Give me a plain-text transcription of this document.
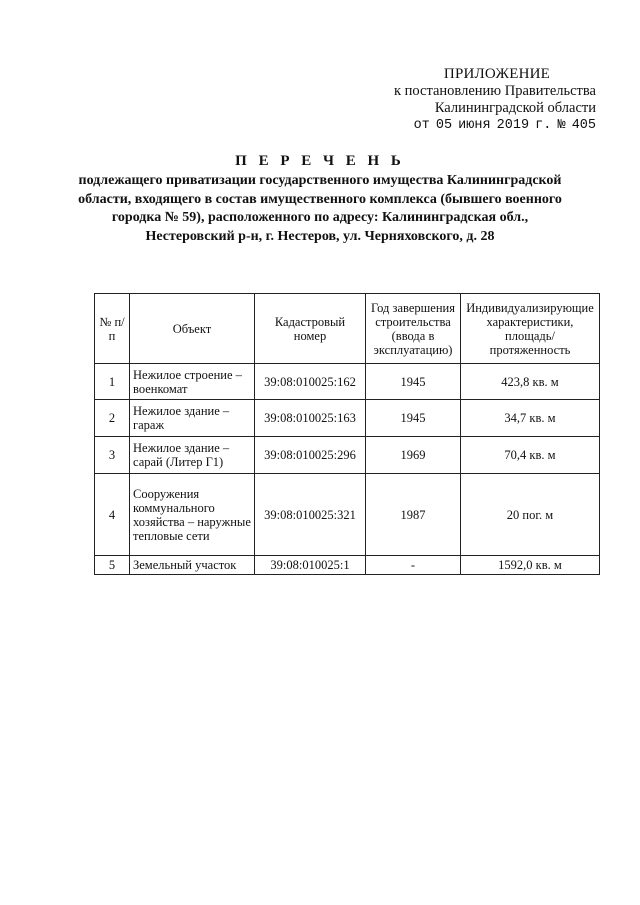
ПРИЛОЖЕНИЕ
к постановлению Правительства
Калининградской области
от 05 июня 2019 г. № 405
П Е Р Е Ч Е Н Ь
подлежащего приватизации государственного имущества Калининградской области, входящего в состав имущественного комплекса (бывшего военного городка № 59), расположенного по адресу: Калининградская обл., Нестеровский р-н, г. Нестеров, ул. Черняховского, д. 28
№ п/п	Объект	Кадастровый номер	Год завершения строительства (ввода в эксплуатацию)	Индивидуализирующие характеристики, площадь/ протяженность
1	Нежилое строение – военкомат	39:08:010025:162	1945	423,8 кв. м
2	Нежилое здание – гараж	39:08:010025:163	1945	34,7 кв. м
3	Нежилое здание – сарай (Литер Г1)	39:08:010025:296	1969	70,4 кв. м
4	Сооружения коммунального хозяйства – наружные тепловые сети	39:08:010025:321	1987	20 пог. м
5	Земельный участок	39:08:010025:1	-	1592,0 кв. м
